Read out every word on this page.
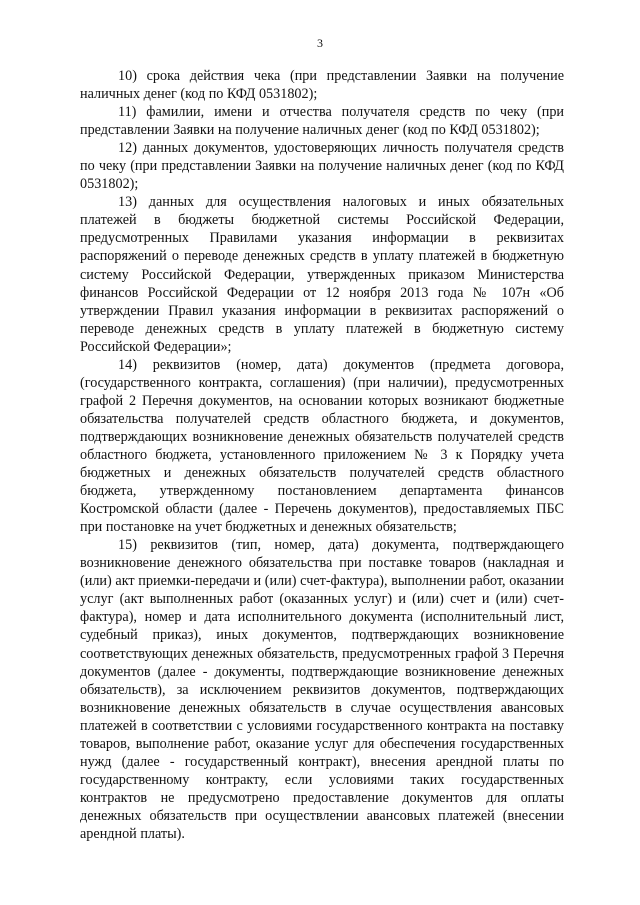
3

10) срока действия чека (при представлении Заявки на получение наличных денег (код по КФД 0531802);

11) фамилии, имени и отчества получателя средств по чеку (при представлении Заявки на получение наличных денег (код по КФД 0531802);

12) данных документов, удостоверяющих личность получателя средств по чеку (при представлении Заявки на получение наличных денег (код по КФД 0531802);

13) данных для осуществления налоговых и иных обязательных платежей в бюджеты бюджетной системы Российской Федерации, предусмотренных Правилами указания информации в реквизитах распоряжений о переводе денежных средств в уплату платежей в бюджетную систему Российской Федерации, утвержденных приказом Министерства финансов Российской Федерации от 12 ноября 2013 года № 107н «Об утверждении Правил указания информации в реквизитах распоряжений о переводе денежных средств в уплату платежей в бюджетную систему Российской Федерации»;

14) реквизитов (номер, дата) документов (предмета договора, (государственного контракта, соглашения) (при наличии), предусмотренных графой 2 Перечня документов, на основании которых возникают бюджетные обязательства получателей средств областного бюджета, и документов, подтверждающих возникновение денежных обязательств получателей средств областного бюджета, установленного приложением № 3 к Порядку учета бюджетных и денежных обязательств получателей средств областного бюджета, утвержденному постановлением департамента финансов Костромской области (далее - Перечень документов), предоставляемых ПБС при постановке на учет бюджетных и денежных обязательств;

15) реквизитов (тип, номер, дата) документа, подтверждающего возникновение денежного обязательства при поставке товаров (накладная и (или) акт приемки-передачи и (или) счет-фактура), выполнении работ, оказании услуг (акт выполненных работ (оказанных услуг) и (или) счет и (или) счет-фактура), номер и дата исполнительного документа (исполнительный лист, судебный приказ), иных документов, подтверждающих возникновение соответствующих денежных обязательств, предусмотренных графой 3 Перечня документов (далее - документы, подтверждающие возникновение денежных обязательств), за исключением реквизитов документов, подтверждающих возникновение денежных обязательств в случае осуществления авансовых платежей в соответствии с условиями государственного контракта на поставку товаров, выполнение работ, оказание услуг для обеспечения государственных нужд (далее - государственный контракт), внесения арендной платы по государственному контракту, если условиями таких государственных контрактов не предусмотрено предоставление документов для оплаты денежных обязательств при осуществлении авансовых платежей (внесении арендной платы).
